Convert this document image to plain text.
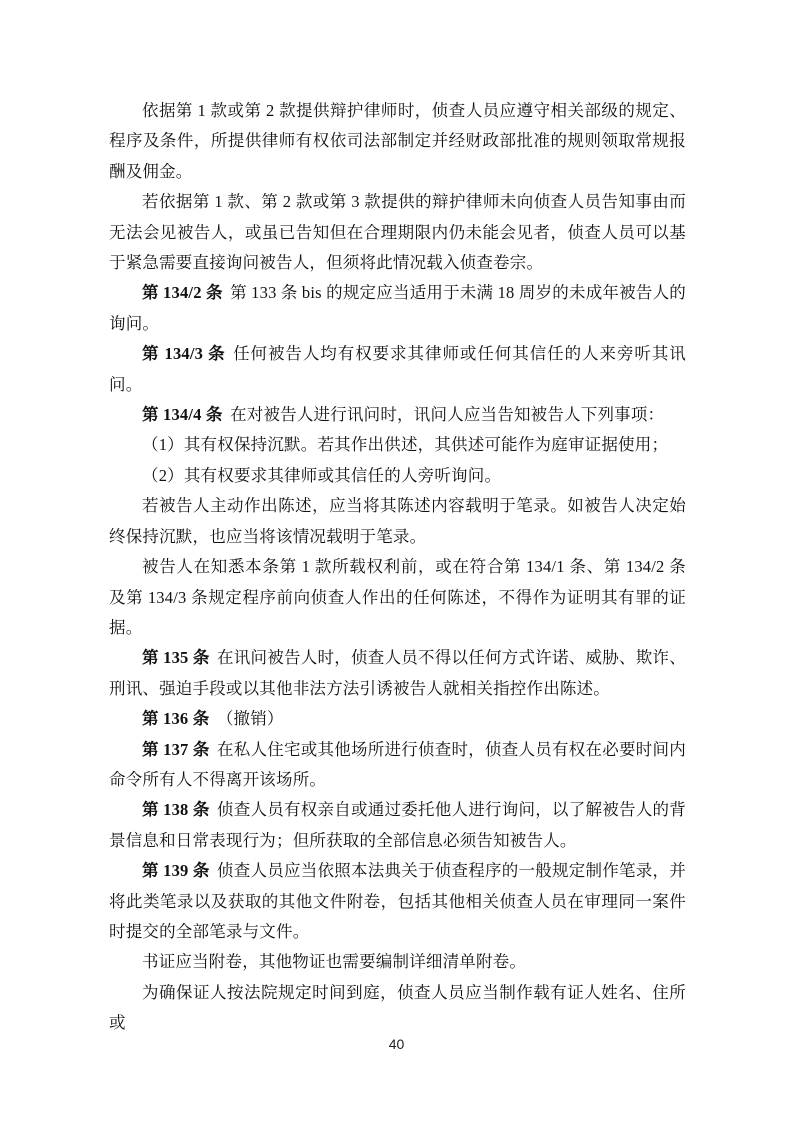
依据第 1 款或第 2 款提供辩护律师时，侦查人员应遵守相关部级的规定、程序及条件，所提供律师有权依司法部制定并经财政部批准的规则领取常规报酬及佣金。

若依据第 1 款、第 2 款或第 3 款提供的辩护律师未向侦查人员告知事由而无法会见被告人，或虽已告知但在合理期限内仍未能会见者，侦查人员可以基于紧急需要直接询问被告人，但须将此情况载入侦查卷宗。

第 134/2 条 第 133 条 bis 的规定应当适用于未满 18 周岁的未成年被告人的询问。

第 134/3 条 任何被告人均有权要求其律师或任何其信任的人来旁听其讯问。

第 134/4 条 在对被告人进行讯问时，讯问人应当告知被告人下列事项：

（1）其有权保持沉默。若其作出供述，其供述可能作为庭审证据使用；

（2）其有权要求其律师或其信任的人旁听询问。

若被告人主动作出陈述，应当将其陈述内容载明于笔录。如被告人决定始终保持沉默，也应当将该情况载明于笔录。

被告人在知悉本条第 1 款所载权利前，或在符合第 134/1 条、第 134/2 条及第 134/3 条规定程序前向侦查人作出的任何陈述，不得作为证明其有罪的证据。

第 135 条 在讯问被告人时，侦查人员不得以任何方式许诺、威胁、欺诈、刑讯、强迫手段或以其他非法方法引诱被告人就相关指控作出陈述。

第 136 条 （撤销）

第 137 条 在私人住宅或其他场所进行侦查时，侦查人员有权在必要时间内命令所有人不得离开该场所。

第 138 条 侦查人员有权亲自或通过委托他人进行询问，以了解被告人的背景信息和日常表现行为；但所获取的全部信息必须告知被告人。

第 139 条 侦查人员应当依照本法典关于侦查程序的一般规定制作笔录，并将此类笔录以及获取的其他文件附卷，包括其他相关侦查人员在审理同一案件时提交的全部笔录与文件。

书证应当附卷，其他物证也需要编制详细清单附卷。

为确保证人按法院规定时间到庭，侦查人员应当制作载有证人姓名、住所或

40
